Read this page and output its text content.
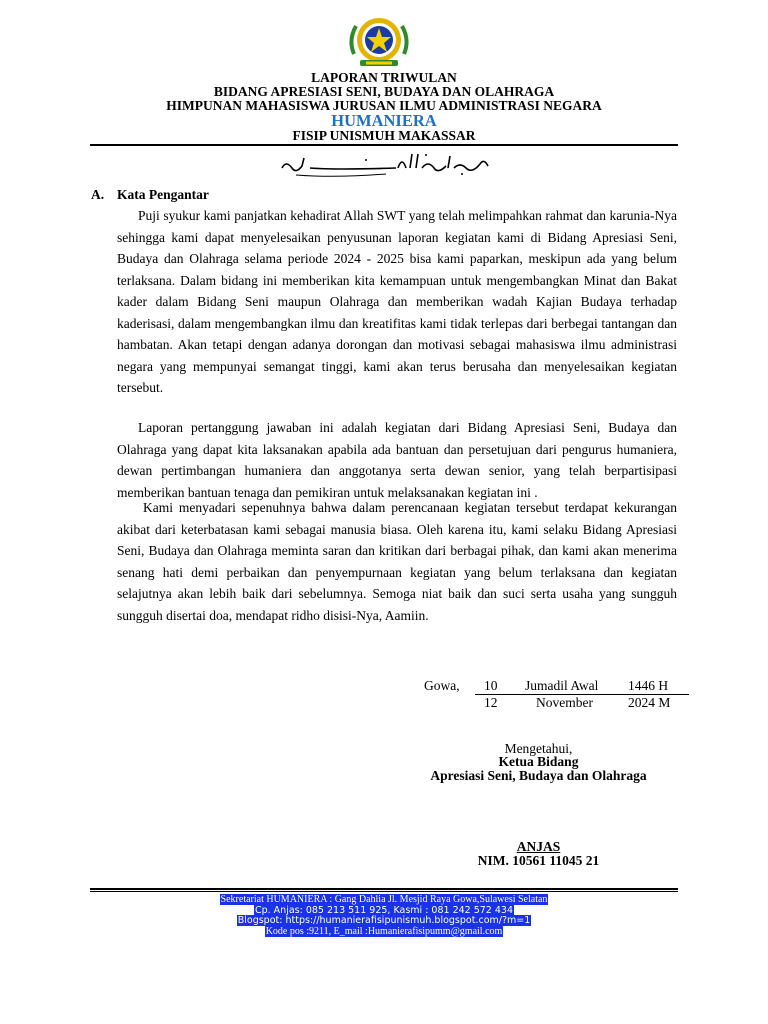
LAPORAN TRIWULAN

BIDANG APRESIASI SENI, BUDAYA DAN OLAHRAGA

HIMPUNAN MAHASISWA JURUSAN ILMU ADMINISTRASI NEGARA

HUMANIERA

FISIP UNISMUH MAKASSAR

A. Kata Pengantar

Puji syukur kami panjatkan kehadirat Allah SWT yang telah melimpahkan rahmat dan karunia-Nya sehingga kami dapat menyelesaikan penyusunan laporan kegiatan kami di Bidang Apresiasi Seni, Budaya dan Olahraga selama periode 2024 - 2025 bisa kami paparkan, meskipun ada yang belum terlaksana. Dalam bidang ini memberikan kita kemampuan untuk mengembangkan Minat dan Bakat kader dalam Bidang Seni maupun Olahraga dan memberikan wadah Kajian Budaya terhadap kaderisasi, dalam mengembangkan ilmu dan kreatifitas kami tidak terlepas dari berbegai tantangan dan hambatan. Akan tetapi dengan adanya dorongan dan motivasi sebagai mahasiswa ilmu administrasi negara yang mempunyai semangat tinggi, kami akan terus berusaha dan menyelesaikan kegiatan tersebut.

Laporan pertanggung jawaban ini adalah kegiatan dari Bidang Apresiasi Seni, Budaya dan Olahraga yang dapat kita laksanakan apabila ada bantuan dan persetujuan dari pengurus humaniera, dewan pertimbangan humaniera dan anggotanya serta dewan senior, yang telah berpartisipasi memberikan bantuan tenaga dan pemikiran untuk melaksanakan kegiatan ini .

Kami menyadari sepenuhnya bahwa dalam perencanaan kegiatan tersebut terdapat kekurangan akibat dari keterbatasan kami sebagai manusia biasa. Oleh karena itu, kami selaku Bidang Apresiasi Seni, Budaya dan Olahraga meminta saran dan kritikan dari berbagai pihak, dan kami akan menerima senang hati demi perbaikan dan penyempurnaan kegiatan yang belum terlaksana dan kegiatan selajutnya akan lebih baik dari sebelumnya. Semoga niat baik dan suci serta usaha yang sungguh sungguh disertai doa, mendapat ridho disisi-Nya, Aamiin.

Gowa, 10 Jumadil Awal 1446 H
12	November	2024 M

Mengetahui,

Ketua Bidang

Apresiasi Seni, Budaya dan Olahraga

ANJAS

NIM. 10561 11045 21

Sekretariat HUMANIERA : Gang Dahlia Jl. Mesjid Raya Gowa,Sulawesi Selatan
Cp. Anjas: 085 213 511 925, Kasmi : 081 242 572 434
Blogspot: https://humanierafisipunismuh.blogspot.com/?m=1
Kode pos :9211, E_mail :Humanierafisipumm@gmail.com
